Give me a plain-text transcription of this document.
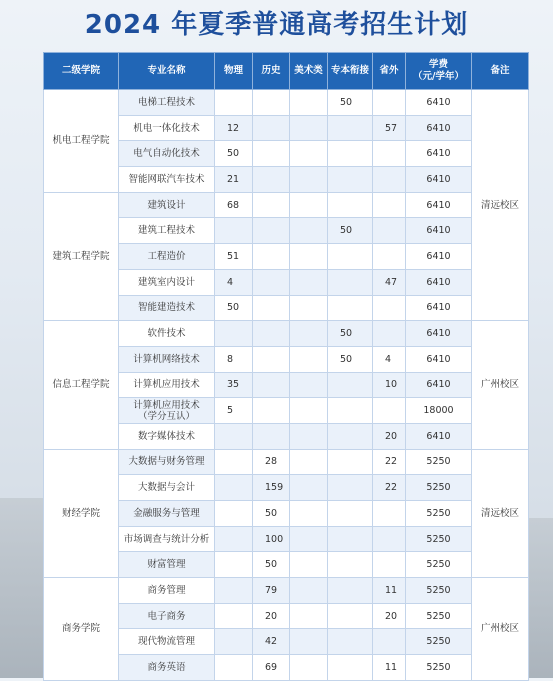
2024 年夏季普通高考招生计划
二级学院	专业名称	物理	历史	美术类	专本衔接	省外	学费
（元/学年）	备注
机电工程学院	电梯工程技术				50		6410	清远校区
	机电一体化技术	12				57	6410	
	电气自动化技术	50					6410	
	智能网联汽车技术	21					6410	
建筑工程学院	建筑设计	68					6410	
	建筑工程技术				50		6410	
	工程造价	51					6410	
	建筑室内设计	4				47	6410	
	智能建造技术	50					6410	
信息工程学院	软件技术				50		6410	广州校区
	计算机网络技术	8			50	4	6410	
	计算机应用技术	35				10	6410	
	计算机应用技术
（学分互认）	5					18000	
	数字媒体技术					20	6410	
财经学院	大数据与财务管理		28			22	5250	清远校区
	大数据与会计		159			22	5250	
	金融服务与管理		50				5250	
	市场调查与统计分析		100				5250	
	财富管理		50				5250	
商务学院	商务管理		79			11	5250	广州校区
	电子商务		20			20	5250	
	现代物流管理		42				5250	
	商务英语		69			11	5250	
